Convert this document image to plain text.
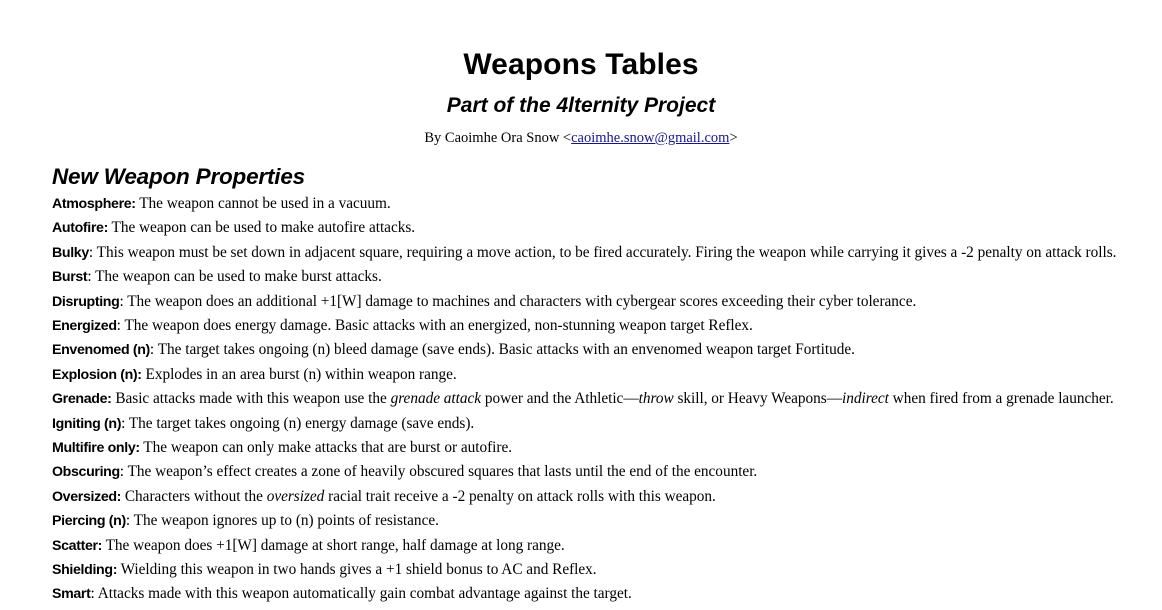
Weapons Tables
Part of the 4lternity Project

By Caoimhe Ora Snow <caoimhe.snow@gmail.com>

New Weapon Properties
Atmosphere: The weapon cannot be used in a vacuum.
Autofire: The weapon can be used to make autofire attacks.
Bulky: This weapon must be set down in adjacent square, requiring a move action, to be fired accurately. Firing the weapon while carrying it gives a -2 penalty on attack rolls.
Burst: The weapon can be used to make burst attacks.
Disrupting: The weapon does an additional +1[W] damage to machines and characters with cybergear scores exceeding their cyber tolerance.
Energized: The weapon does energy damage. Basic attacks with an energized, non-stunning weapon target Reflex.
Envenomed (n): The target takes ongoing (n) bleed damage (save ends). Basic attacks with an envenomed weapon target Fortitude.
Explosion (n): Explodes in an area burst (n) within weapon range.
Grenade: Basic attacks made with this weapon use the grenade attack power and the Athletic—throw skill, or Heavy Weapons—indirect when fired from a grenade launcher.
Igniting (n): The target takes ongoing (n) energy damage (save ends).
Multifire only: The weapon can only make attacks that are burst or autofire.
Obscuring: The weapon’s effect creates a zone of heavily obscured squares that lasts until the end of the encounter.
Oversized: Characters without the oversized racial trait receive a -2 penalty on attack rolls with this weapon.
Piercing (n): The weapon ignores up to (n) points of resistance.
Scatter: The weapon does +1[W] damage at short range, half damage at long range.
Shielding: Wielding this weapon in two hands gives a +1 shield bonus to AC and Reflex.
Smart: Attacks made with this weapon automatically gain combat advantage against the target.
